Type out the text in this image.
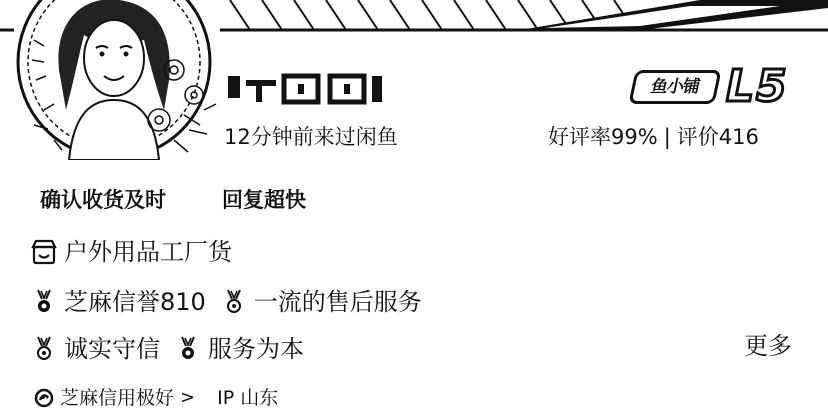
12分钟前来过闲鱼
鱼小铺 L5
好评率99% | 评价416
确认收货及时	回复超快
户外用品工厂货
芝麻信誉810 一流的售后服务
诚实守信 服务为本	更多
芝麻信用极好 > IP 山东
